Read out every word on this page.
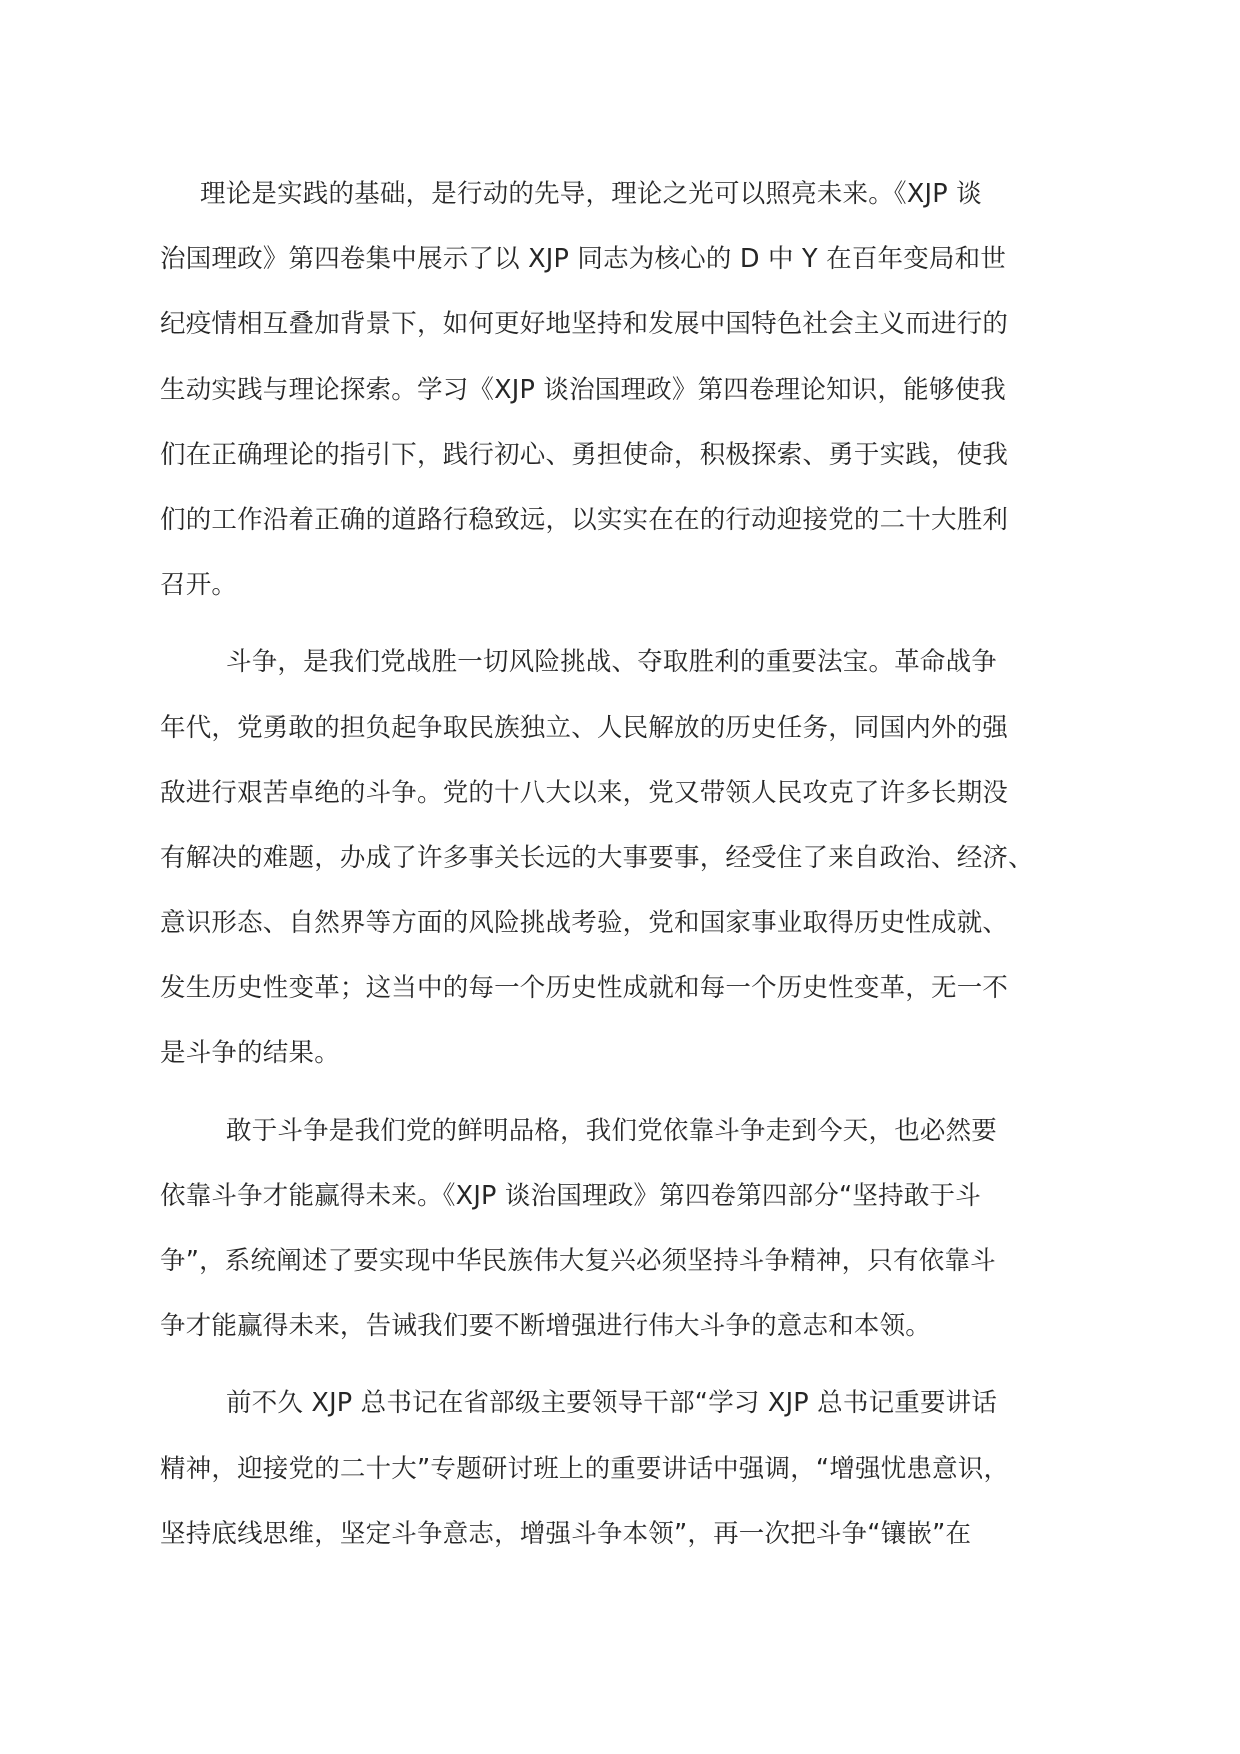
理论是实践的基础，是行动的先导，理论之光可以照亮未来。《XJP 谈
治国理政》第四卷集中展示了以 XJP 同志为核心的 D 中 Y 在百年变局和世
纪疫情相互叠加背景下，如何更好地坚持和发展中国特色社会主义而进行的
生动实践与理论探索。学习《XJP 谈治国理政》第四卷理论知识，能够使我
们在正确理论的指引下，践行初心、勇担使命，积极探索、勇于实践，使我
们的工作沿着正确的道路行稳致远，以实实在在的行动迎接党的二十大胜利
召开。

斗争，是我们党战胜一切风险挑战、夺取胜利的重要法宝。革命战争
年代，党勇敢的担负起争取民族独立、人民解放的历史任务，同国内外的强
敌进行艰苦卓绝的斗争。党的十八大以来，党又带领人民攻克了许多长期没
有解决的难题，办成了许多事关长远的大事要事，经受住了来自政治、经济、
意识形态、自然界等方面的风险挑战考验，党和国家事业取得历史性成就、
发生历史性变革；这当中的每一个历史性成就和每一个历史性变革，无一不
是斗争的结果。

敢于斗争是我们党的鲜明品格，我们党依靠斗争走到今天，也必然要
依靠斗争才能赢得未来。《XJP 谈治国理政》第四卷第四部分“坚持敢于斗
争”，系统阐述了要实现中华民族伟大复兴必须坚持斗争精神，只有依靠斗
争才能赢得未来，告诫我们要不断增强进行伟大斗争的意志和本领。

前不久 XJP 总书记在省部级主要领导干部“学习 XJP 总书记重要讲话
精神，迎接党的二十大”专题研讨班上的重要讲话中强调，“增强忧患意识，
坚持底线思维，坚定斗争意志，增强斗争本领”，再一次把斗争“镶嵌”在
